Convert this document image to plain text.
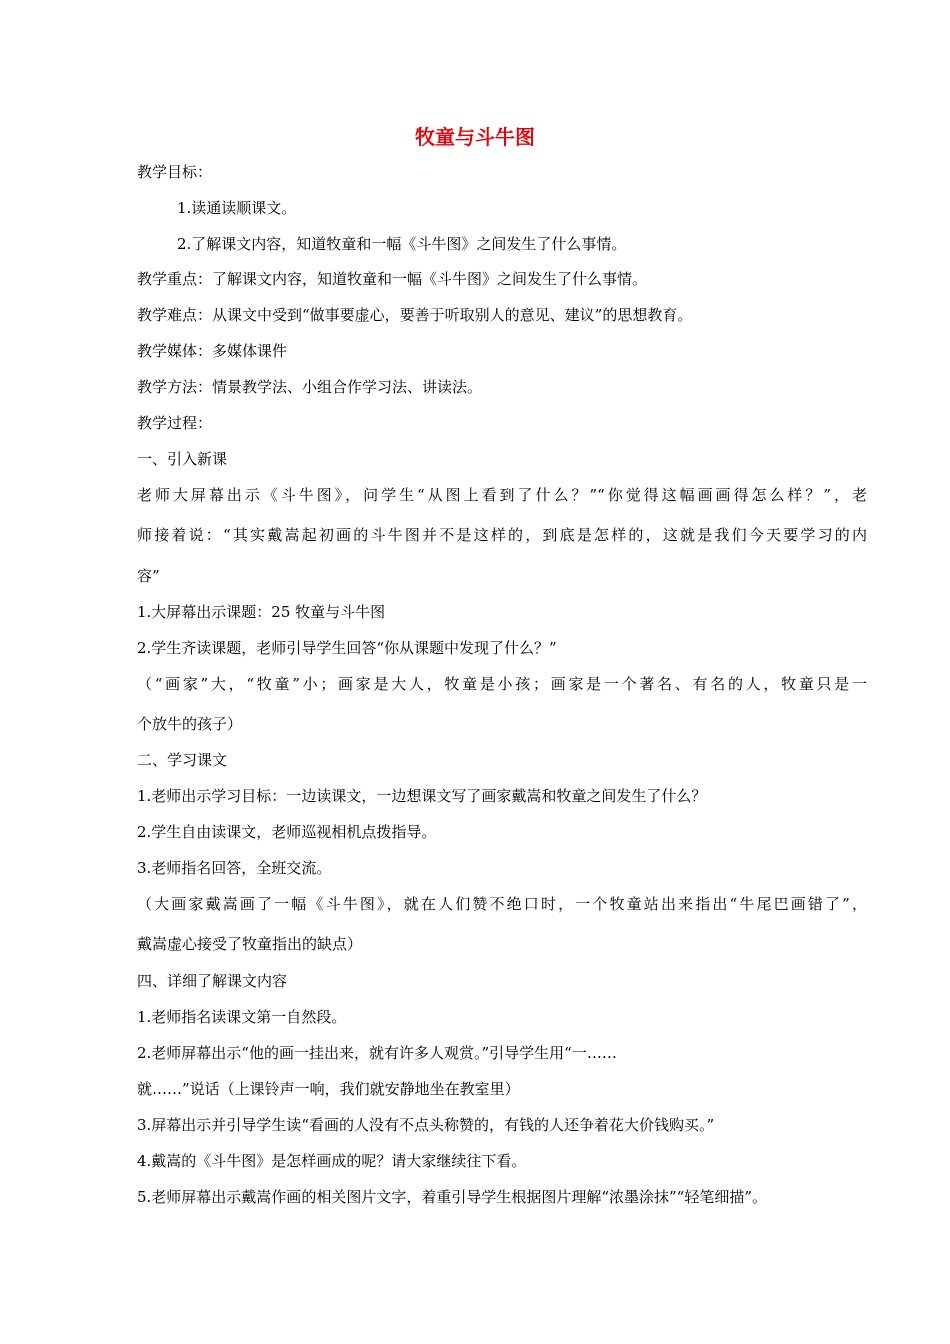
牧童与斗牛图
教学目标：
1.读通读顺课文。
2.了解课文内容，知道牧童和一幅《斗牛图》之间发生了什么事情。
教学重点：了解课文内容，知道牧童和一幅《斗牛图》之间发生了什么事情。
教学难点：从课文中受到“做事要虚心，要善于听取别人的意见、建议”的思想教育。
教学媒体：多媒体课件
教学方法：情景教学法、小组合作学习法、讲读法。
教学过程：
一、引入新课
老师大屏幕出示《斗牛图》，问学生“从图上看到了什么？”“你觉得这幅画画得怎么样？”，老
师接着说：“其实戴嵩起初画的斗牛图并不是这样的，到底是怎样的，这就是我们今天要学习的内
容”
1.大屏幕出示课题：25 牧童与斗牛图
2.学生齐读课题，老师引导学生回答“你从课题中发现了什么？”
（“画家”大，“牧童”小；画家是大人，牧童是小孩；画家是一个著名、有名的人，牧童只是一
个放牛的孩子）
二、学习课文
1.老师出示学习目标：一边读课文，一边想课文写了画家戴嵩和牧童之间发生了什么？
2.学生自由读课文，老师巡视相机点拨指导。
3.老师指名回答，全班交流。
（大画家戴嵩画了一幅《斗牛图》，就在人们赞不绝口时，一个牧童站出来指出“牛尾巴画错了”，
戴嵩虚心接受了牧童指出的缺点）
四、详细了解课文内容
1.老师指名读课文第一自然段。
2.老师屏幕出示“他的画一挂出来，就有许多人观赏。”引导学生用“一……
就……”说话（上课铃声一响，我们就安静地坐在教室里）
3.屏幕出示并引导学生读“看画的人没有不点头称赞的，有钱的人还争着花大价钱购买。”
4.戴嵩的《斗牛图》是怎样画成的呢？请大家继续往下看。
5.老师屏幕出示戴嵩作画的相关图片文字，着重引导学生根据图片理解“浓墨涂抹”“轻笔细描”。
